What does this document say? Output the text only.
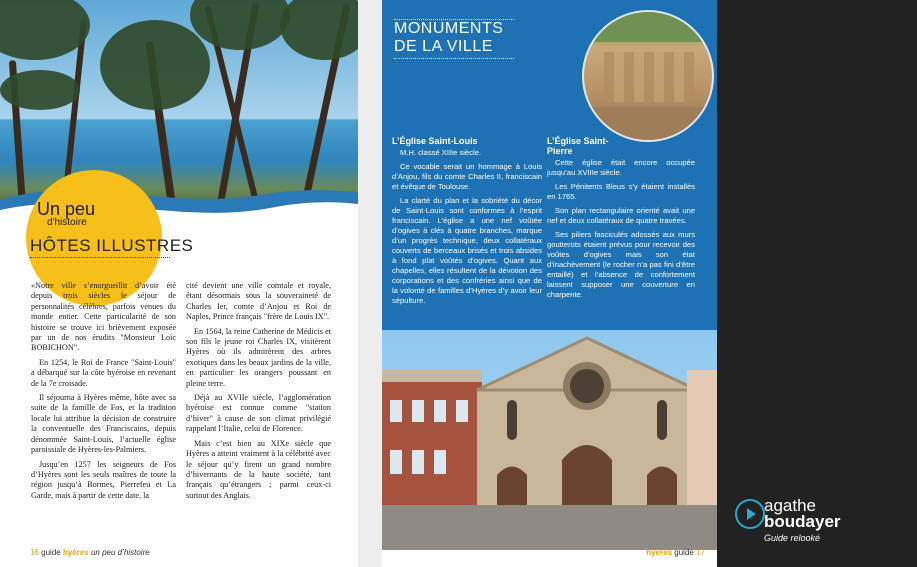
Un peu
d'histoire
HÔTES ILLUSTRES

«Notre ville s’enorgueillit d’avoir été depuis trois siècles le séjour de personnalités célèbres, parfois venues du monde entier. Cette particularité de son histoire se trouve ici brièvement exposée par un de nos érudits "Monsieur Loïc BOBICHON".

En 1254, le Roi de France "Saint-Louis" a débarqué sur la côte hyéroise en revenant de la 7e croisade.

Il séjourna à Hyères même, hôte avec sa suite de la famille de Fos, et la tradition locale lui attribue la décision de construire la conventuelle des Franciscains, depuis dénommée Saint-Louis, l’actuelle église paroissiale de Hyères-les-Palmiers.

Jusqu’en 1257 les seigneurs de Fos d’Hyères sont les seuls maîtres de toute la région jusqu’à Bormes, Pierrefeu et La Garde, mais à partir de cette date, la

cité devient une ville comtale et royale, étant désormais sous la souveraineté de Charles Ier, comte d’Anjou et Roi de Naples, Prince français "frère de Louis IX".

En 1564, la reine Catherine de Médicis et son fils le jeune roi Charles IX, visitèrent Hyères où ils admirèrent des arbres exotiques dans les beaux jardins de la ville, en particulier les orangers poussant en pleine terre.

Déjà au XVIIe siècle, l’agglomération hyéroise est connue comme "station d’hiver" à cause de son climat privilégié rappelant l’Italie, celui de Florence.

Mais c’est bien au XIXe siècle que Hyères a atteint vraiment à la célébrité avec le séjour qu’y firent un grand nombre d’hivernants de la haute société, tant français qu’étrangers ; parmi ceux-ci surtout des Anglais.

16 guide hyères un peu d’histoire
MONUMENTS
DE LA VILLE
L’Église Saint-Louis

M.H. classé XIIIe siècle.

Ce vocable serait un hommage à Louis d’Anjou, fils du comte Charles II, franciscain et évêque de Toulouse.

La clarté du plan et la sobriété du décor de Saint-Louis sont conformes à l’esprit franciscain. L’église a une nef voûtée d’ogives à clés à quatre branches, marque d’un progrès technique, deux collatéraux couverts de berceaux brisés et trois absides à fond plat voûtés d’ogives. Quant aux chapelles, elles résultent de la dévotion des corporations et des confréries ainsi que de la volonté de familles d’Hyères d’y avoir leur sépulture.

L’Église Saint-
Pierre

Cette église était encore occupée jusqu’au XVIIIe siècle.

Les Pénitents Bleus s’y étaient installés en 1765.

Son plan rectangulaire orienté avait une nef et deux collatéraux de quatre travées.

Ses piliers fasciculés adossés aux murs goutterots étaient prévus pour recevoir des voûtes d’ogives mais son état d’inachèvement (le rocher n’a pas fini d’être entaillé) et l’absence de confortement laissent supposer une couverture en charpente.

hyères guide 17
agathe
boudayer
Guide relooké
